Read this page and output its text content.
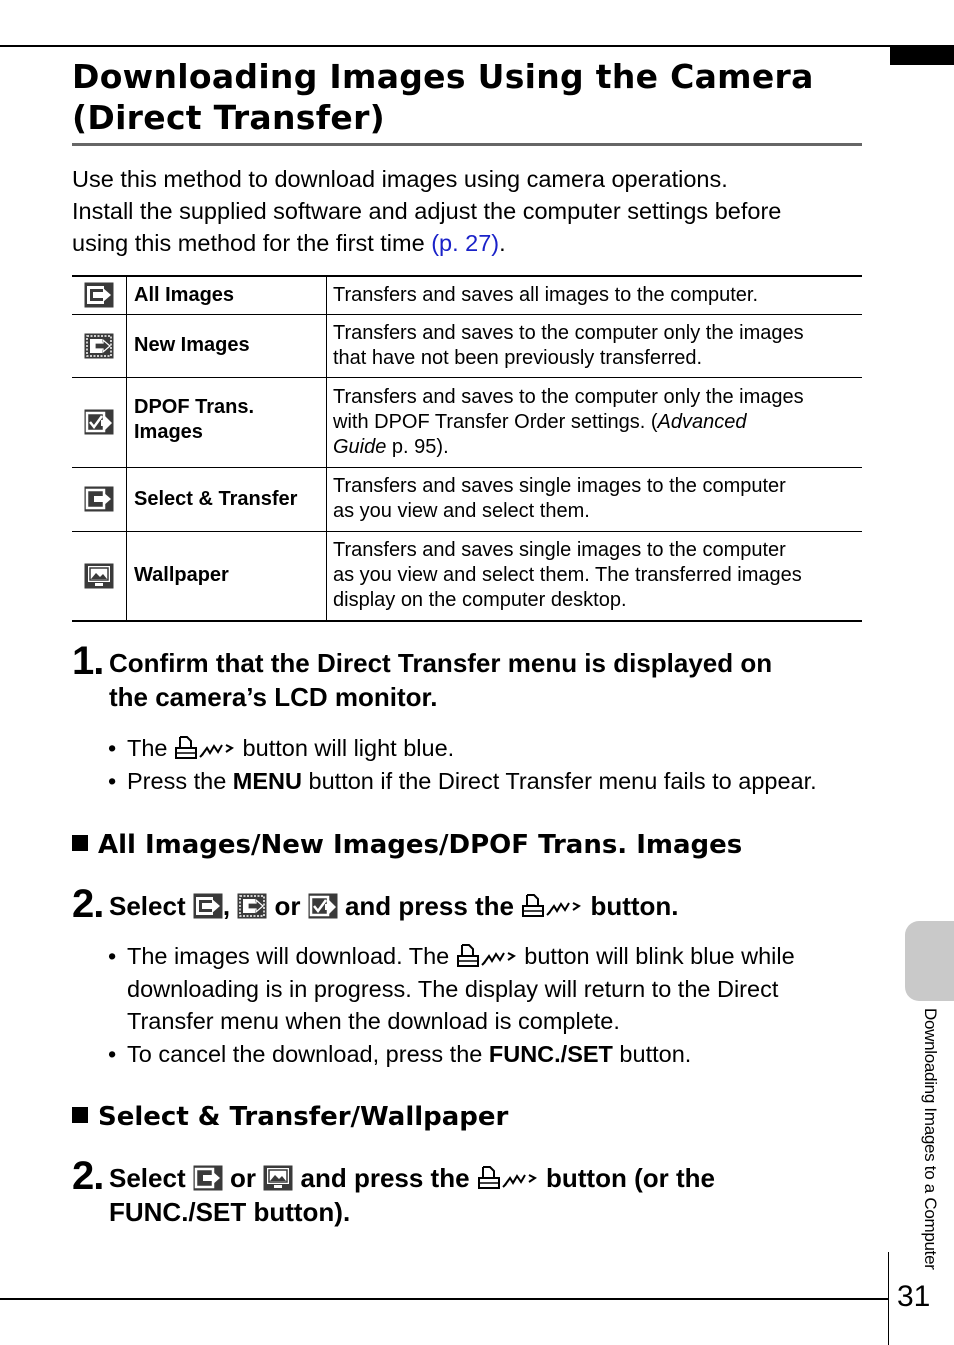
Downloading Images Using the Camera
(Direct Transfer)
Use this method to download images using camera operations.
Install the supplied software and adjust the computer settings before
using this method for the first time (p. 27).
	All Images	Transfers and saves all images to the computer.
	New Images	Transfers and saves to the computer only the images
that have not been previously transferred.
	DPOF Trans.
Images	Transfers and saves to the computer only the images
with DPOF Transfer Order settings. (Advanced
Guide p. 95).
	Select & Transfer	Transfers and saves single images to the computer
as you view and select them.
	Wallpaper	Transfers and saves single images to the computer
as you view and select them. The transferred images
display on the computer desktop.
1. Confirm that the Direct Transfer menu is displayed on
the camera’s LCD monitor.
• The	button will light blue.
• Press the MENU button if the Direct Transfer menu fails to appear.
All Images/New Images/DPOF Trans. Images
2. Select ,  or  and press the  button.
• The images will download. The	button will blink blue while
downloading is in progress. The display will return to the Direct
Transfer menu when the download is complete.
• To cancel the download, press the FUNC./SET button.
Select & Transfer/Wallpaper
2. Select  or  and press the  button (or the
FUNC./SET button).	Downloading Images to a Computer
31
